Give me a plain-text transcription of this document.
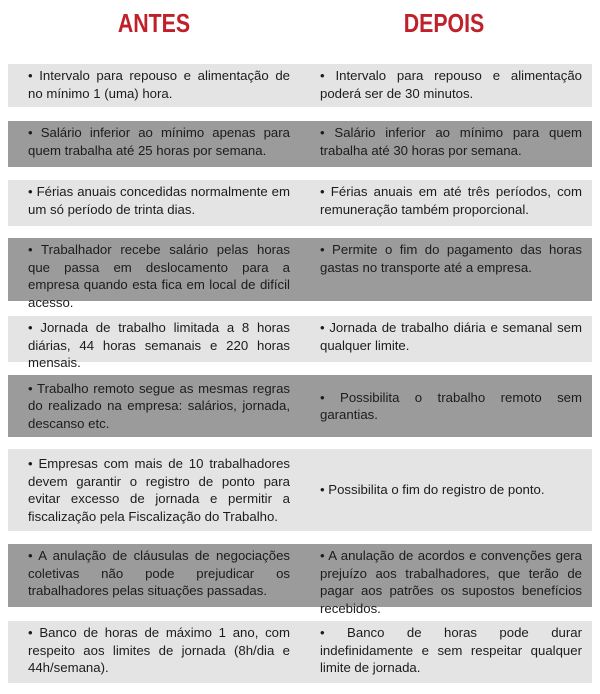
ANTES	DEPOIS
• Intervalo para repouso e alimentação de no mínimo 1 (uma) hora.
• Intervalo para repouso e alimentação poderá ser de 30 minutos.
• Salário inferior ao mínimo apenas para quem trabalha até 25 horas por semana.
• Salário inferior ao mínimo para quem trabalha até 30 horas por semana.
• Férias anuais concedidas normalmente em um só período de trinta dias.
• Férias anuais em até três períodos, com remuneração também proporcional.
• Trabalhador recebe salário pelas horas que passa em deslocamento para a empresa quando esta fica em local de difícil acesso.
• Permite o fim do pagamento das horas gastas no transporte até a empresa.
• Jornada de trabalho limitada a 8 horas diárias, 44 horas semanais e 220 horas mensais.
• Jornada de trabalho diária e semanal sem qualquer limite.
• Trabalho remoto segue as mesmas regras do realizado na empresa: salários, jornada, descanso etc.
• Possibilita o trabalho remoto sem garantias.
• Empresas com mais de 10 trabalhadores devem garantir o registro de ponto para evitar excesso de jornada e permitir a fiscalização pela Fiscalização do Trabalho.
• Possibilita o fim do registro de ponto.
• A anulação de cláusulas de negociações coletivas não pode prejudicar os trabalhadores pelas situações passadas.
• A anulação de acordos e convenções gera prejuízo aos trabalhadores, que terão de pagar aos patrões os supostos benefícios recebidos.
• Banco de horas de máximo 1 ano, com respeito aos limites de jornada (8h/dia e 44h/semana).
• Banco de horas pode durar indefinidamente e sem respeitar qualquer limite de jornada.
